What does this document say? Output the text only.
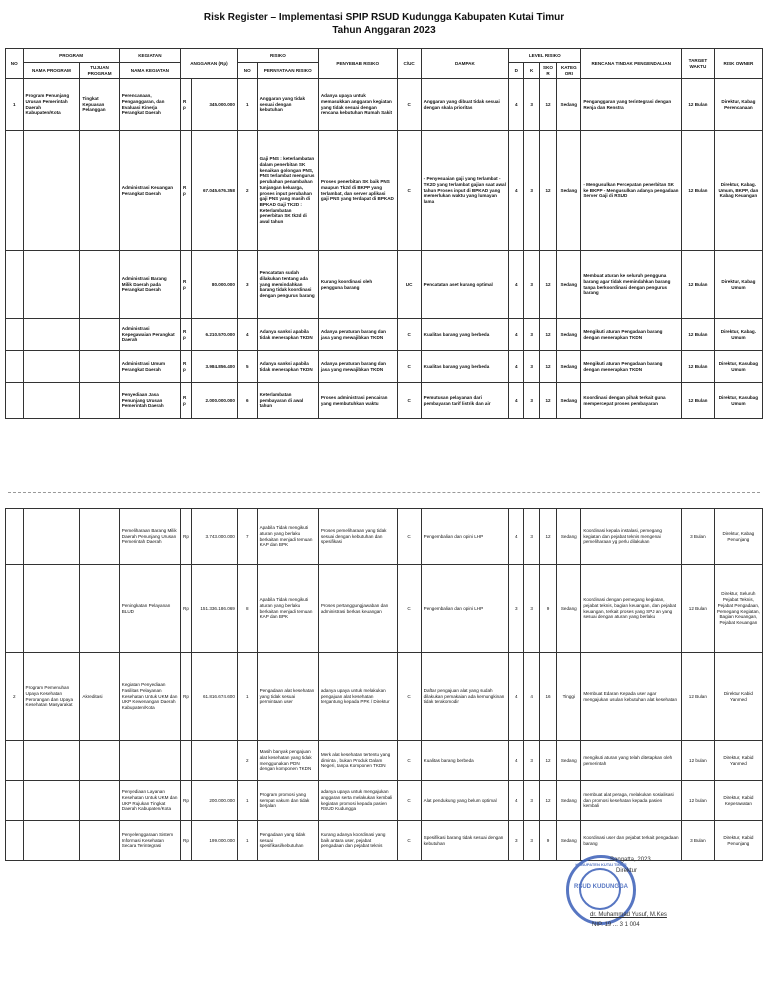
Risk Register – Implementasi SPIP RSUD Kudungga Kabupaten Kutai Timur
Tahun Anggaran 2023
NO	PROGRAM		KEGIATAN	ANGGARAN (Rp)		RISIKO		PENYEBAB RISIKO	C/UC	DAMPAK	LEVEL RISIKO				RENCANA TINDAK PENGENDALIAN	TARGET WAKTU	RISK OWNER
	NAMA PROGRAM	TUJUAN PROGRAM	NAMA KEGIATAN			NO	PERNYATAAN RISIKO				D	K	SKOR	KATEGORI			
1	Program Penunjang Urusan Pemerintah Daerah Kabupaten/Kota	Tingkat Kepuasan Pelanggan	Perencanaan, Penganggaran, dan Evaluasi Kinerja Perangkat Daerah	Rp	345.000.000	1	Anggaran yang tidak sesuai dengan kebutuhan	Adanya upaya untuk memasukkan anggaran kegiatan yang tidak sesuai dengan rencana kebutuhan Rumah Sakit	C	Anggaran yang dibuat tidak sesuai dengan skala prioritas	4	3	12	Sedang	Penganggaran yang terintegrasi dengan Renja dan Renstra	12 Bulan	Direktur, Kabag Perencanaan
			Administrasi Keuangan Perangkat Daerah	Rp	67.045.676.358	2	Gaji PNS : keterlambatan dalam penerbitan SK kenaikan golongan PNS, PNS terlambat mengurus perubahan penambahan tunjangan keluarga, proses input perubahan gaji PNS yang masih di BPKAD Gaji TK2D : Keterlambatan penerbitan SK tk2d di awal tahun	Proses penerbitan SK baik PNS maupun Tk2d di BKPP yang terlambat, dan server aplikasi gaji PNS yang terdapat di BPKAD	C	- Penyesuaian gaji yang terlambat - TK2D yang terlambat gajian saat awal tahun Proses input di BPKAD yang memerlukan waktu yang lumayan lama	4	3	12	Sedang	- Mengusulkan Percepatan penerbitan SK ke BKPP - Mengusulkan adanya pengadaan Server Gaji di RSUD	12 Bulan	Direktur, Kabag. Umum, BKPP, dan Kabag Keuangan
			Administrasi Barang Milik Daerah pada Perangkat Daerah	Rp	80.000.000	3	Pencatatan sudah dilakukan tentang ada yang memindahkan barang tidak koordinasi dengan pengurus barang	Kurang koordinasi oleh pengguna barang	UC	Pencatatan aset kurang optimal	4	3	12	Sedang	Membuat aturan ke seluruh pengguna barang agar tidak memindahkan barang tanpa berkoordinasi dengan pengurus barang	12 Bulan	Direktur, Kabag Umum
			Administrasi Kepegawaian Perangkat Daerah	Rp	6.210.570.000	4	Adanya sanksi apabila tidak menerapkan TKDN	Adanya peraturan barang dan jasa yang mewajibkan TKDN	C	Kualitas barang yang berbeda	4	3	12	Sedang	Mengikuti aturan Pengadaan barang dengan menerapkan TKDN	12 Bulan	Direktur, Kabag. Umum
			Administrasi Umum Perangkat Daerah	Rp	3.984.856.400	5	Adanya sanksi apabila tidak menerapkan TKDN	Adanya peraturan barang dan jasa yang mewajibkan TKDN	C	Kualitas barang yang berbeda	4	3	12	Sedang	Mengikuti aturan Pengadaan barang dengan menerapkan TKDN	12 Bulan	Direktur, Kasubag Umum
			Penyediaan Jasa Penunjang Urusan Pemerintah Daerah	Rp	2.000.000.000	6	Keterlambatan pembayaran di awal tahun	Proses administrasi pencairan yang membutuhkan waktu	C	Pemutusan pelayanan dari pembayaran tarif listrik dan air	4	3	12	Sedang	Koordinasi dengan pihak terkait guna mempercepat proses pembayaran	12 Bulan	Direktur, Kasubag Umum
			Pemeliharaan Barang Milik Daerah Penunjang Urusan Pemerintah Daerah	Rp	3.743.000.000	7	Apabila Tidak mengikuti aturan yang berlaku berkaitan menjadi temuan KAP dan BPK	Proses pemeliharaan yang tidak sesuai dengan kebutuhan dan spesifikasi	C	Pengembalian dan opini LHP	4	3	12	Sedang	Koordinasi kepala instalasi, pemegang kegiatan dan pejabat teknis mengenai pemeliharaan yg perlu dilakukan	3 Bulan	Direktur, Kabag Penunjang
			Peningkatan Pelayanan BLUD	Rp	151.336.186.069	8	Apabila Tidak mengikuti aturan yang berlaku berkaitan menjadi temuan KAP dan BPK	Proses pertanggungjawaban dan administrasi berkas keuangan	C	Pengembalian dan opini LHP	3	3	9	Sedang	Koordinasi dengan pemegang kegiatan, pejabat teknis, bagian keuangan, dan pejabat keuangan, terkait proses yang SPJ an yang sesuai dengan aturan yang berlaku	12 Bulan	Direktur, Seluruh Pejabat Teknis, Pejabat Pengadaan, Pemegang Kegiatan, Bagian Keuangan, Pejabat Keuangan
2	Program Pemenuhan Upaya Kesehatan Perorangan dan Upaya Kesehatan Masyarakat	Akreditasi	Kegiatan Penyediaan Fasilitas Pelayanan Kesehatan Untuk UKM dan UKP Kewenangan Daerah Kabupaten/Kota	Rp	61.816.674.600	1	Pengadaan alat kesehatan yang tidak sesuai permintaan user	adanya upaya untuk melakukan pengajuan alat kesehatan tergantung kepada PPK / Direktur	C	Daftar pengajuan alat yang sudah dilakukan pemakaian ada kemungkinan tidak terakomodir	4	4	16	Tinggi	Membuat Edaran Kepada user agar mengajukan usulan kebutuhan alat kesehatan	12 Bulan	Direktur Kabid Yanmed
						2	Masih banyak pengajuan alat kesehatan yang tidak menggunakan PDN dengan komponen TKDN	Merk alat kesehatan tertentu yang diminta , bukan Produk Dalam Negeri, tanpa Komponen TKDN	C	Kualitas barang berbeda	4	3	12	Sedang	mengikuti aturan yang telah ditetapkan oleh pemerintah	12 bulan	Direktur, Kabid Yanmed
			Penyediaan Layanan Kesehatan Untuk UKM dan UKP Rujukan Tingkat Daerah Kabupaten/Kota	Rp	200.000.000	1	Program promosi yang sempat vakum dan tidak berjalan	adanya upaya untuk mengajukan anggaran serta melakukan kembali kegiatan promosi kepada pasien RSUD Kudungga	C	Alat pendukung yang belum optimal	4	3	12	Sedang	membuat alat peraga, melakukan sosialisasi dan promosi kesehatan kepada pasien kembali	12 bulan	Direktur, Kabid Keperawatan
			Penyelenggaraan Sistem Informasi Kesehatan Secara Terintegrasi	Rp	199.000.000	1	Pengadaan yang tidak sesuai spesifikasi/kebutuhan	Kurang adanya koordinasi yang baik antara user, pejabat pengadaan dan pejabat teknis	C	Spesifikasi barang tidak sesuai dengan kebutuhan	3	3	9	Sedang	Koordinasi user dan pejabat terkait pengadaan barang	3 Bulan	Direktur, Kabid Penunjang
RSUD KUDUNGGA
KABUPATEN KUTAI TIMUR
Sangatta, 2023
Direktur
dr. Muhammad Yusuf, M.Kes
NIP. 19 ... 3 1 004
